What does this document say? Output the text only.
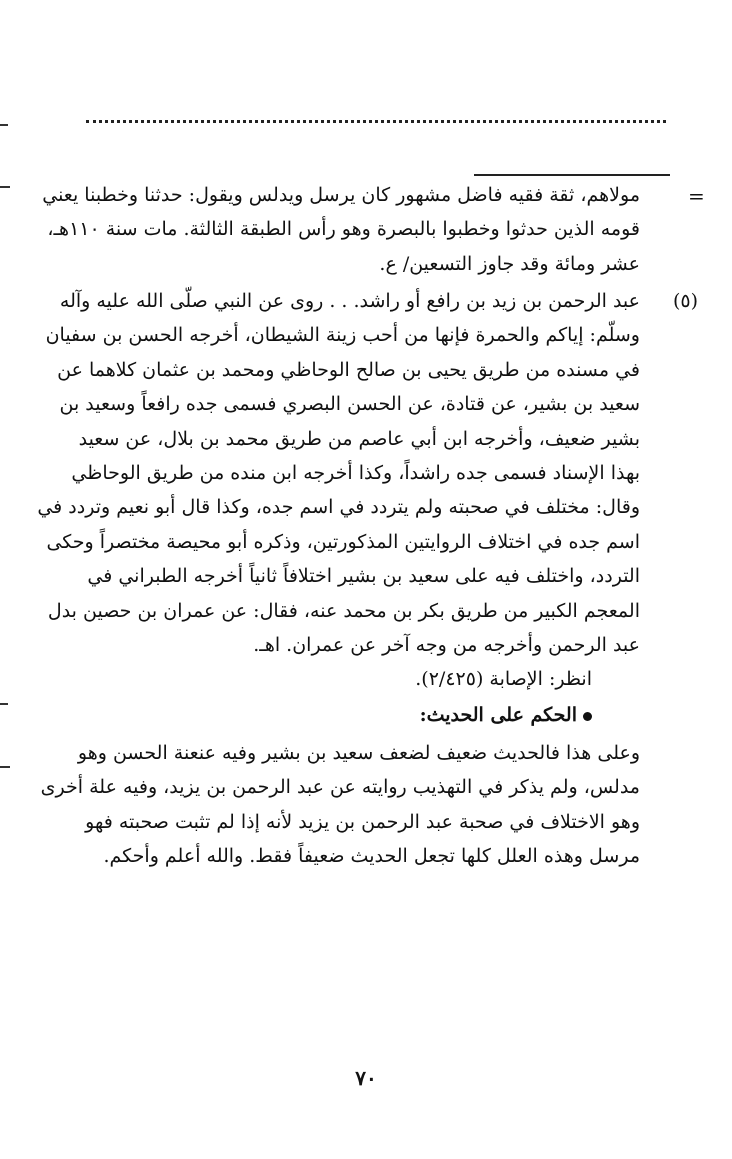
=
مولاهم، ثقة فقيه فاضل مشهور كان يرسل ويدلس ويقول: حدثنا وخطبنا يعني
قومه الذين حدثوا وخطبوا بالبصرة وهو رأس الطبقة الثالثة. مات سنة ١١٠هـ،
عشر ومائة وقد جاوز التسعين/ ع.
(٥)
عبد الرحمن بن زيد بن رافع أو راشد. . . روى عن النبي صلّى الله عليه وآله
وسلّم: إياكم والحمرة فإنها من أحب زينة الشيطان، أخرجه الحسن بن سفيان
في مسنده من طريق يحيى بن صالح الوحاظي ومحمد بن عثمان كلاهما عن
سعيد بن بشير، عن قتادة، عن الحسن البصري فسمى جده رافعاً وسعيد بن
بشير ضعيف، وأخرجه ابن أبي عاصم من طريق محمد بن بلال، عن سعيد
بهذا الإسناد فسمى جده راشداً، وكذا أخرجه ابن منده من طريق الوحاظي
وقال: مختلف في صحبته ولم يتردد في اسم جده، وكذا قال أبو نعيم وتردد في
اسم جده في اختلاف الروايتين المذكورتين، وذكره أبو محيصة مختصراً وحكى
التردد، واختلف فيه على سعيد بن بشير اختلافاً ثانياً أخرجه الطبراني في
المعجم الكبير من طريق بكر بن محمد عنه، فقال: عن عمران بن حصين بدل
عبد الرحمن وأخرجه من وجه آخر عن عمران. اهـ.
انظر: الإصابة (٢/٤٢٥).
الحكم على الحديث:
وعلى هذا فالحديث ضعيف لضعف سعيد بن بشير وفيه عنعنة الحسن وهو
مدلس، ولم يذكر في التهذيب روايته عن عبد الرحمن بن يزيد، وفيه علة أخرى
وهو الاختلاف في صحبة عبد الرحمن بن يزيد لأنه إذا لم تثبت صحبته فهو
مرسل وهذه العلل كلها تجعل الحديث ضعيفاً فقط. والله أعلم وأحكم.
٧٠
